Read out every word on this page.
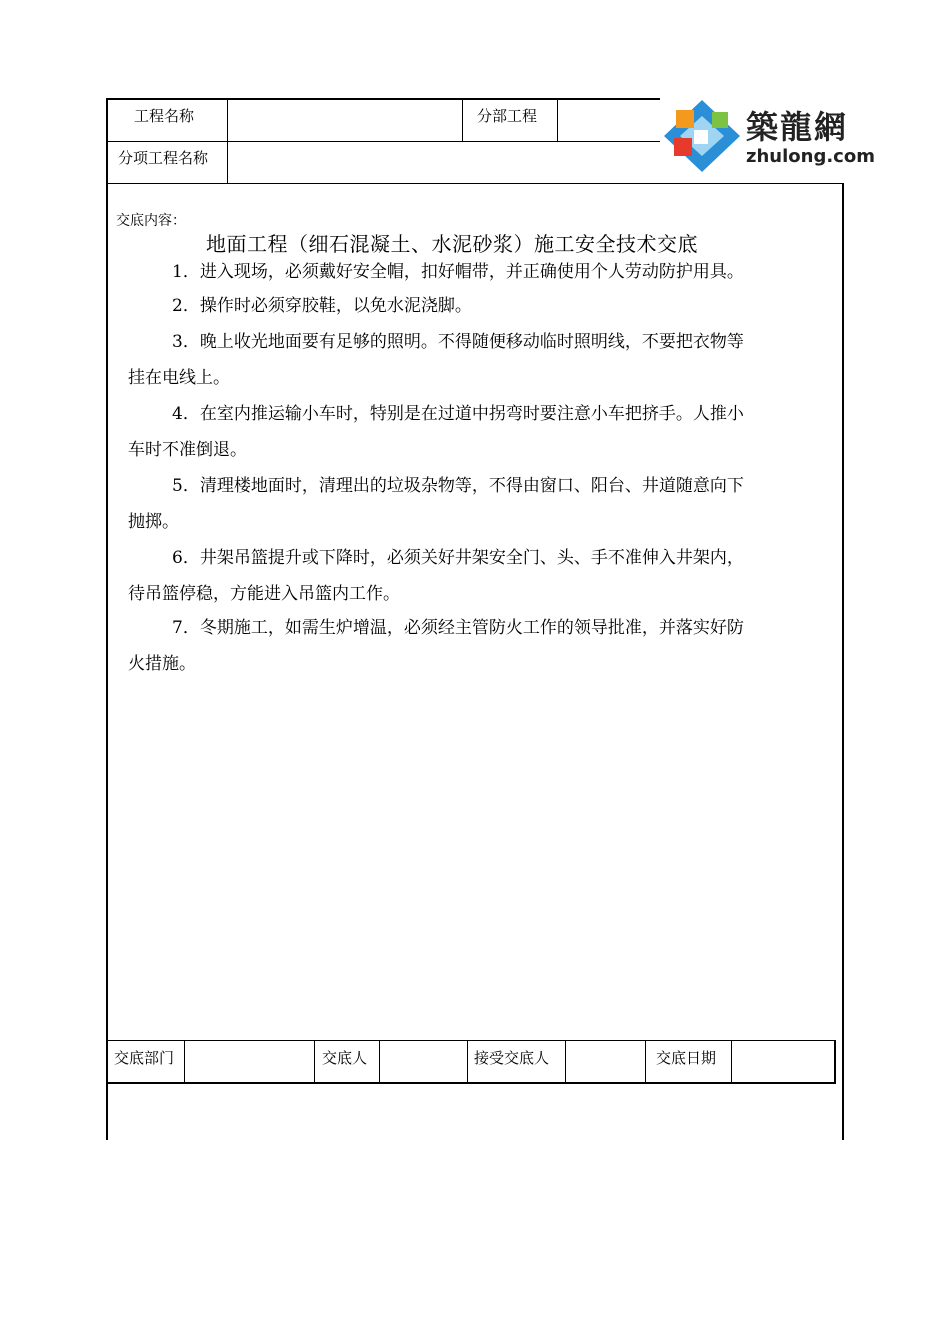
工程名称	分部工程
分项工程名称
交底内容：
地面工程（细石混凝土、水泥砂浆）施工安全技术交底
1．进入现场，必须戴好安全帽，扣好帽带，并正确使用个人劳动防护用具。
2．操作时必须穿胶鞋，以免水泥浇脚。
3．晚上收光地面要有足够的照明。不得随便移动临时照明线，不要把衣物等
挂在电线上。
4．在室内推运输小车时，特别是在过道中拐弯时要注意小车把挤手。人推小
车时不准倒退。
5．清理楼地面时，清理出的垃圾杂物等，不得由窗口、阳台、井道随意向下
抛掷。
6．井架吊篮提升或下降时，必须关好井架安全门、头、手不准伸入井架内，
待吊篮停稳，方能进入吊篮内工作。
7．冬期施工，如需生炉增温，必须经主管防火工作的领导批准，并落实好防
火措施。
交底部门	交底人	接受交底人	交底日期
築龍網
zhulong.com
